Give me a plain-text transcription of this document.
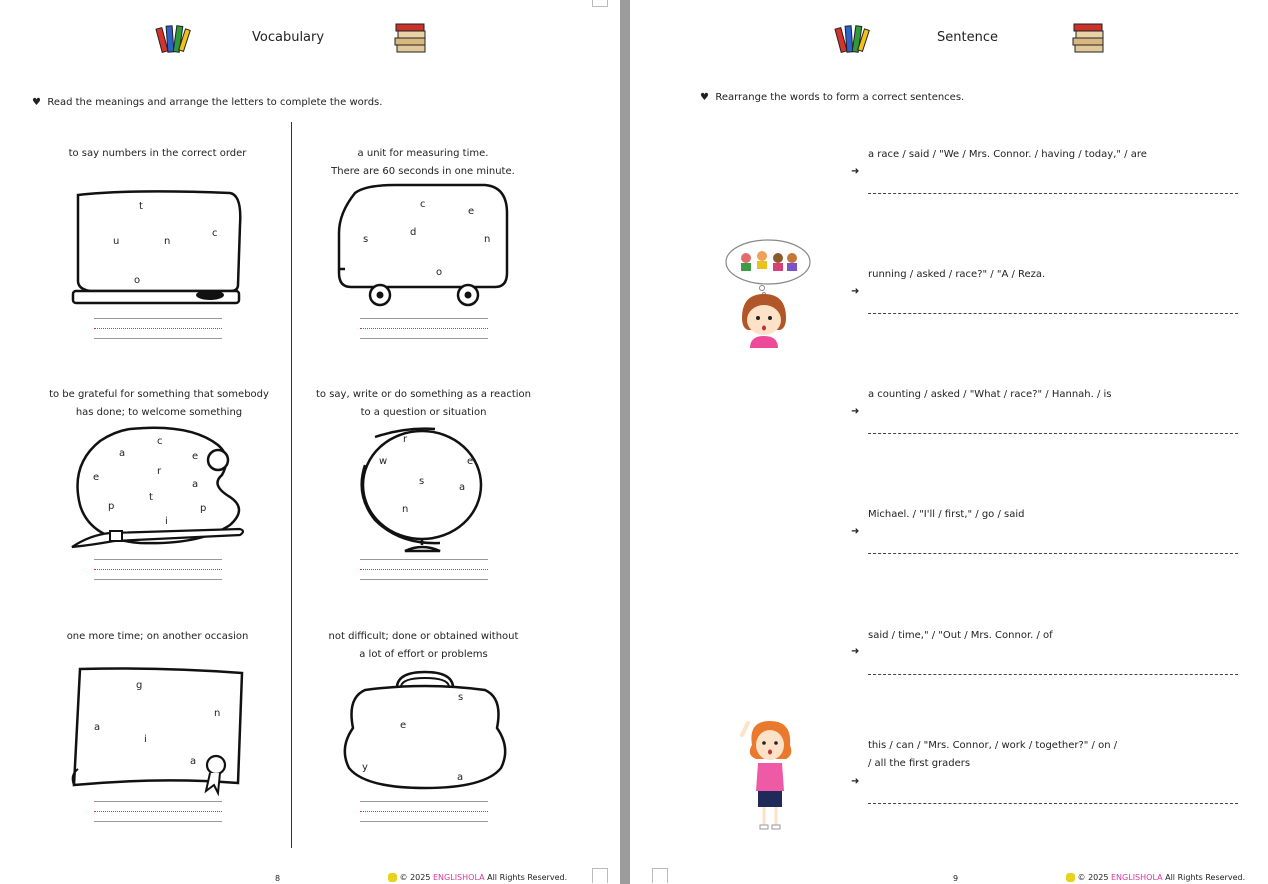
Vocabulary
♥ Read the meanings and arrange the letters to complete the words.
to say numbers in the correct order
t
u	n
c
o
a unit for measuring time.
There are 60 seconds in one minute.
c
e
s
d
n
o
to be grateful for something that somebody
has done; to welcome something
c
a	e
r
e
a
t
p	p
i
to say, write or do something as a reaction
to a question or situation
r
w	e
s
a
n
one more time; on another occasion
g
n
a
i
a
not difficult; done or obtained without
a lot of effort or problems
s
e
y
a
8	© 2025 ENGLISHOLA All Rights Reserved.
Sentence
♥ Rearrange the words to form a correct sentences.
a race / said / "We / Mrs. Connor. / having / today," / are
➜
running / asked / race?" / "A / Reza.
➜
a counting / asked / "What / race?" / Hannah. / is
➜
Michael. / "I'll / first," / go / said
➜
said / time," / "Out / Mrs. Connor. / of
➜
this / can / "Mrs. Connor, / work / together?" / on /
/ all the first graders
➜
9	© 2025 ENGLISHOLA All Rights Reserved.
